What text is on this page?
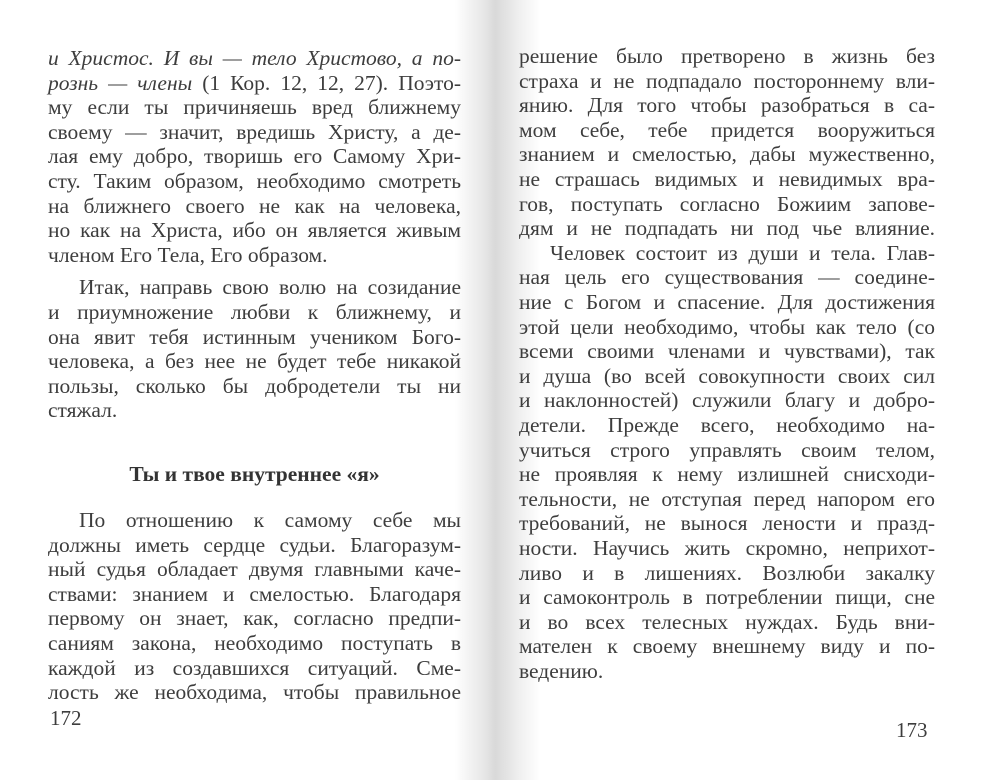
Ты и твое внутреннее «я»
172
и Христос. И вы — тело Христово, а по-
рознь — члены (1 Кор. 12, 12, 27). Поэто-
му если ты причиняешь вред ближнему
своему — значит, вредишь Христу, а де-
лая ему добро, творишь его Самому Хри-
сту. Таким образом, необходимо смотреть
на ближнего своего не как на человека,
но как на Христа, ибо он является живым
членом Его Тела, Его образом.
Итак, направь свою волю на созидание
и приумножение любви к ближнему, и
она явит тебя истинным учеником Бого-
человека, а без нее не будет тебе никакой
пользы, сколько бы добродетели ты ни
стяжал.
По отношению к самому себе мы
должны иметь сердце судьи. Благоразум-
ный судья обладает двумя главными каче-
ствами: знанием и смелостью. Благодаря
первому он знает, как, согласно предпи-
саниям закона, необходимо поступать в
каждой из создавшихся ситуаций. Сме-
лость же необходима, чтобы правильное
173
решение было претворено в жизнь без
страха и не подпадало постороннему вли-
янию. Для того чтобы разобраться в са-
мом себе, тебе придется вооружиться
знанием и смелостью, дабы мужественно,
не страшась видимых и невидимых вра-
гов, поступать согласно Божиим запове-
дям и не подпадать ни под чье влияние.
Человек состоит из души и тела. Глав-
ная цель его существования — соедине-
ние с Богом и спасение. Для достижения
этой цели необходимо, чтобы как тело (со
всеми своими членами и чувствами), так
и душа (во всей совокупности своих сил
и наклонностей) служили благу и добро-
детели. Прежде всего, необходимо на-
учиться строго управлять своим телом,
не проявляя к нему излишней снисходи-
тельности, не отступая перед напором его
требований, не вынося лености и празд-
ности. Научись жить скромно, неприхот-
ливо и в лишениях. Возлюби закалку
и самоконтроль в потреблении пищи, сне
и во всех телесных нуждах. Будь вни-
мателен к своему внешнему виду и по-
ведению.
